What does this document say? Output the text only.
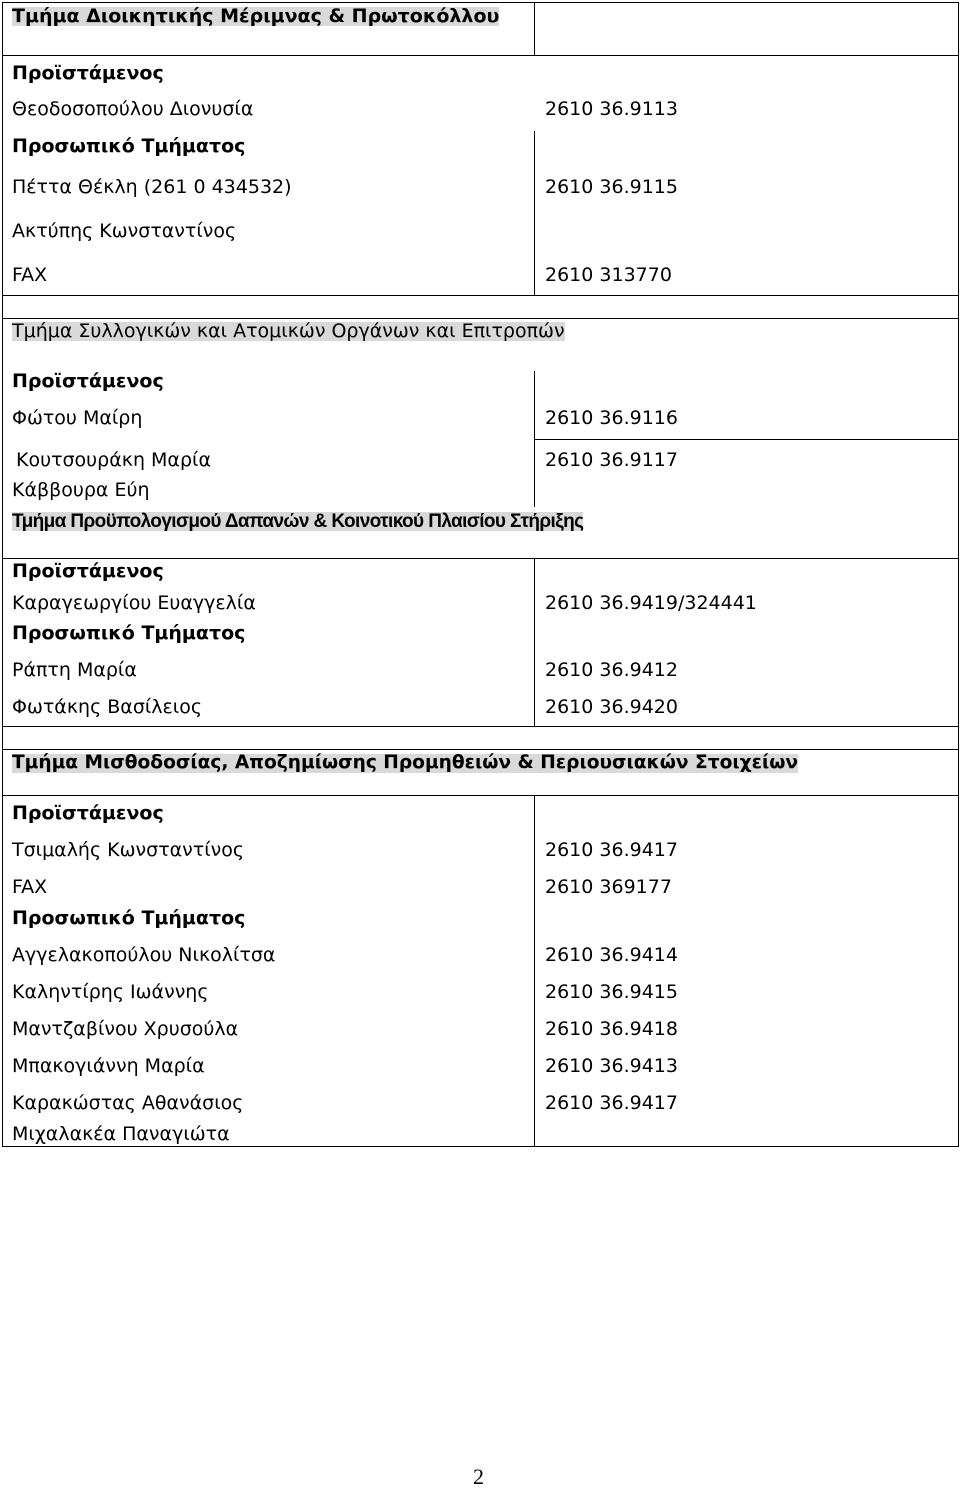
Τμήμα Διοικητικής Μέριμνας & Πρωτοκόλλου
Προϊστάμενος
Θεοδοσοπούλου Διονυσία	2610 36.9113
Προσωπικό Τμήματος
Πέττα Θέκλη (261 0 434532)	2610 36.9115
Ακτύπης Κωνσταντίνος
FAX	2610 313770
Τμήμα Συλλογικών και Ατομικών Οργάνων και Επιτροπών
Προϊστάμενος
Φώτου Μαίρη	2610 36.9116
Κουτσουράκη Μαρία	2610 36.9117
Κάββουρα Εύη
Τμήμα Προϋπολογισμού Δαπανών & Κοινοτικού Πλαισίου Στήριξης
Προϊστάμενος
Καραγεωργίου Ευαγγελία	2610 36.9419/324441
Προσωπικό Τμήματος
Ράπτη Μαρία	2610 36.9412
Φωτάκης Βασίλειος	2610 36.9420
Τμήμα Μισθοδοσίας, Αποζημίωσης Προμηθειών & Περιουσιακών Στοιχείων
Προϊστάμενος
Τσιμαλής Κωνσταντίνος	2610 36.9417
FAX	2610 369177
Προσωπικό Τμήματος
Αγγελακοπούλου Νικολίτσα	2610 36.9414
Καληντίρης Ιωάννης	2610 36.9415
Μαντζαβίνου Χρυσούλα	2610 36.9418
Μπακογιάννη Μαρία	2610 36.9413
Καρακώστας Αθανάσιος	2610 36.9417
Μιχαλακέα Παναγιώτα
2
